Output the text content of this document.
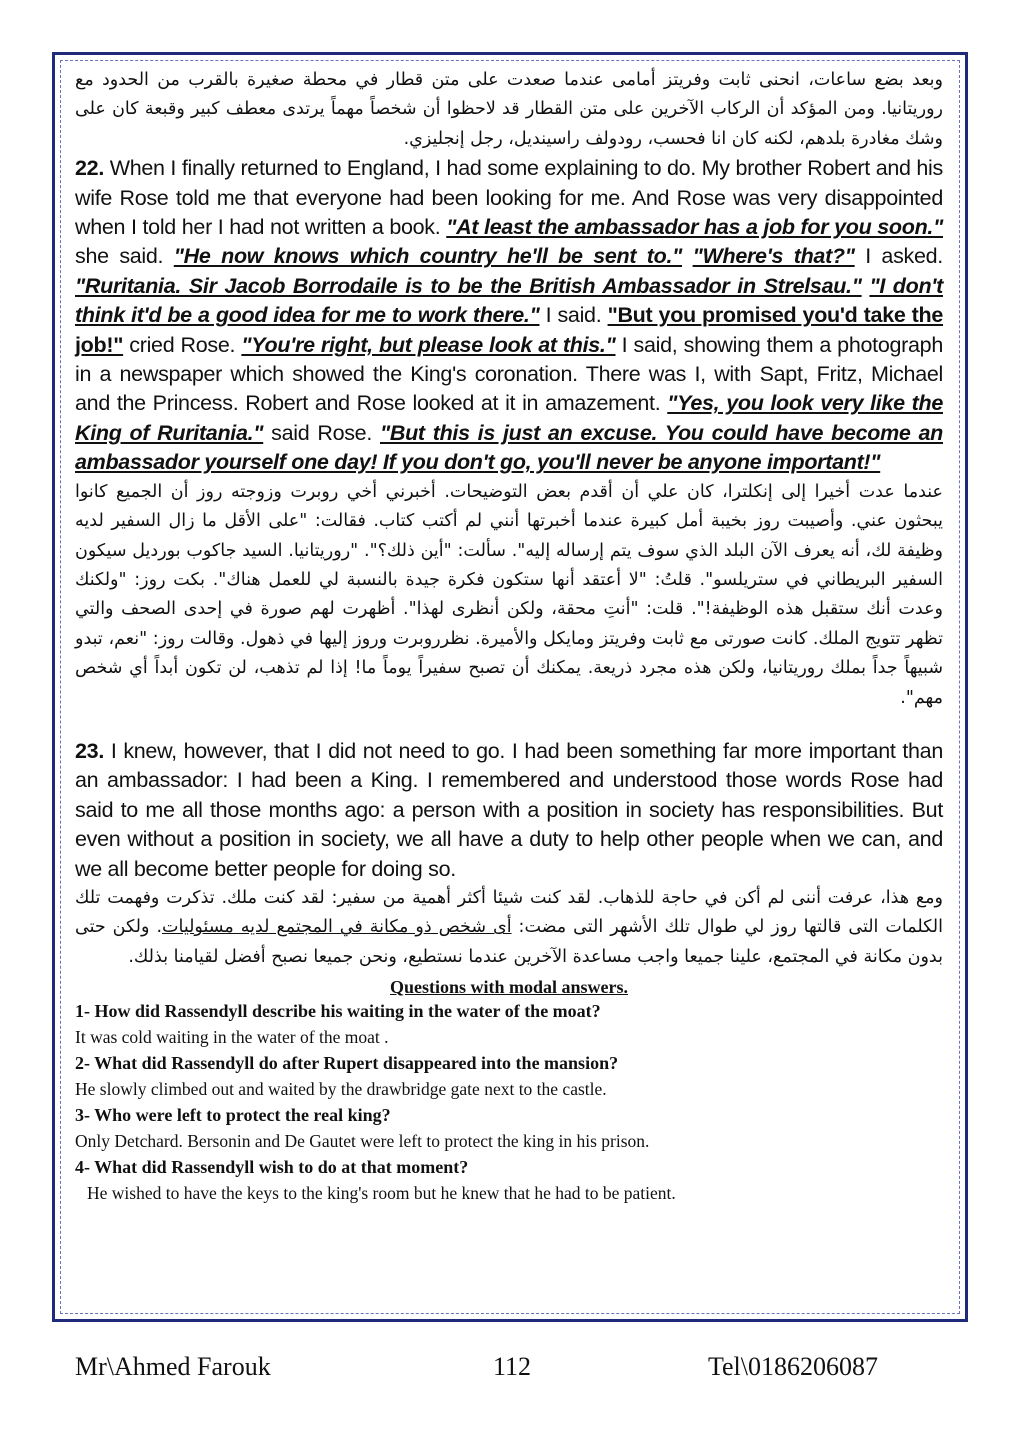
وبعد بضع ساعات، انحنى ثابت وفريتز أمامى عندما صعدت على متن قطار في محطة صغيرة بالقرب من الحدود مع روريتانيا. ومن المؤكد أن الركاب الآخرين على متن القطار قد لاحظوا أن شخصاً مهماً يرتدى معطف كبير وقبعة كان على وشك مغادرة بلدهم، لكنه كان انا فحسب، رودولف راسينديل، رجل إنجليزي.

22. When I finally returned to England, I had some explaining to do. My brother Robert and his wife Rose told me that everyone had been looking for me. And Rose was very disappointed when I told her I had not written a book. "At least the ambassador has a job for you soon." she said. "He now knows which country he'll be sent to." "Where's that?" I asked. "Ruritania. Sir Jacob Borrodaile is to be the British Ambassador in Strelsau." "I don't think it'd be a good idea for me to work there." I said. "But you promised you'd take the job!" cried Rose. "You're right, but please look at this." I said, showing them a photograph in a newspaper which showed the King's coronation. There was I, with Sapt, Fritz, Michael and the Princess. Robert and Rose looked at it in amazement. "Yes, you look very like the King of Ruritania." said Rose. "But this is just an excuse. You could have become an ambassador yourself one day! If you don't go, you'll never be anyone important!"

عندما عدت أخيرا إلى إنكلترا، كان علي أن أقدم بعض التوضيحات. أخبرني أخي روبرت وزوجته روز أن الجميع كانوا يبحثون عني. وأصيبت روز بخيبة أمل كبيرة عندما أخبرتها أنني لم أكتب كتاب. فقالت: "على الأقل ما زال السفير لديه وظيفة لك، أنه يعرف الآن البلد الذي سوف يتم إرساله إليه". سألت: "أين ذلك؟". "روريتانيا. السيد جاكوب بورديل سيكون السفير البريطاني في ستريلسو". قلتُ: "لا أعتقد أنها ستكون فكرة جيدة بالنسبة لي للعمل هناك". بكت روز: "ولكنك وعدت أنك ستقبل هذه الوظيفة!". قلت: "أنتِ محقة، ولكن أنظرى لهذا". أظهرت لهم صورة في إحدى الصحف والتي تظهر تتويج الملك. كانت صورتى مع ثابت وفريتز ومايكل والأميرة. نظرروبرت وروز إليها في ذهول. وقالت روز: "نعم، تبدو شبيهاً جداً بملك روريتانيا، ولكن هذه مجرد ذريعة. يمكنك أن تصبح سفيراً يوماً ما! إذا لم تذهب، لن تكون أبداً أي شخص مهم".

23. I knew, however, that I did not need to go. I had been something far more important than an ambassador: I had been a King. I remembered and understood those words Rose had said to me all those months ago: a person with a position in society has responsibilities. But even without a position in society, we all have a duty to help other people when we can, and we all become better people for doing so.

ومع هذا، عرفت أننى لم أكن في حاجة للذهاب. لقد كنت شيئا أكثر أهمية من سفير: لقد كنت ملك. تذكرت وفهمت تلك الكلمات التى قالتها روز لي طوال تلك الأشهر التى مضت: أى شخص ذو مكانة في المجتمع لديه مسئوليات. ولكن حتى بدون مكانة في المجتمع، علينا جميعا واجب مساعدة الآخرين عندما نستطيع، ونحن جميعا نصبح أفضل لقيامنا بذلك.

Questions with modal answers.

1- How did Rassendyll describe his waiting in the water of the moat?

It was cold waiting in the water of the moat .

2- What did Rassendyll do after Rupert disappeared into the mansion?

He slowly climbed out and waited by the drawbridge gate next to the castle.

3- Who were left to protect the real king?

Only Detchard. Bersonin and De Gautet were left to protect the king in his prison.

4- What did Rassendyll wish to do at that moment?

He wished to have the keys to the king's room but he knew that he had to be patient.

Mr\Ahmed Farouk	112	Tel\0186206087
